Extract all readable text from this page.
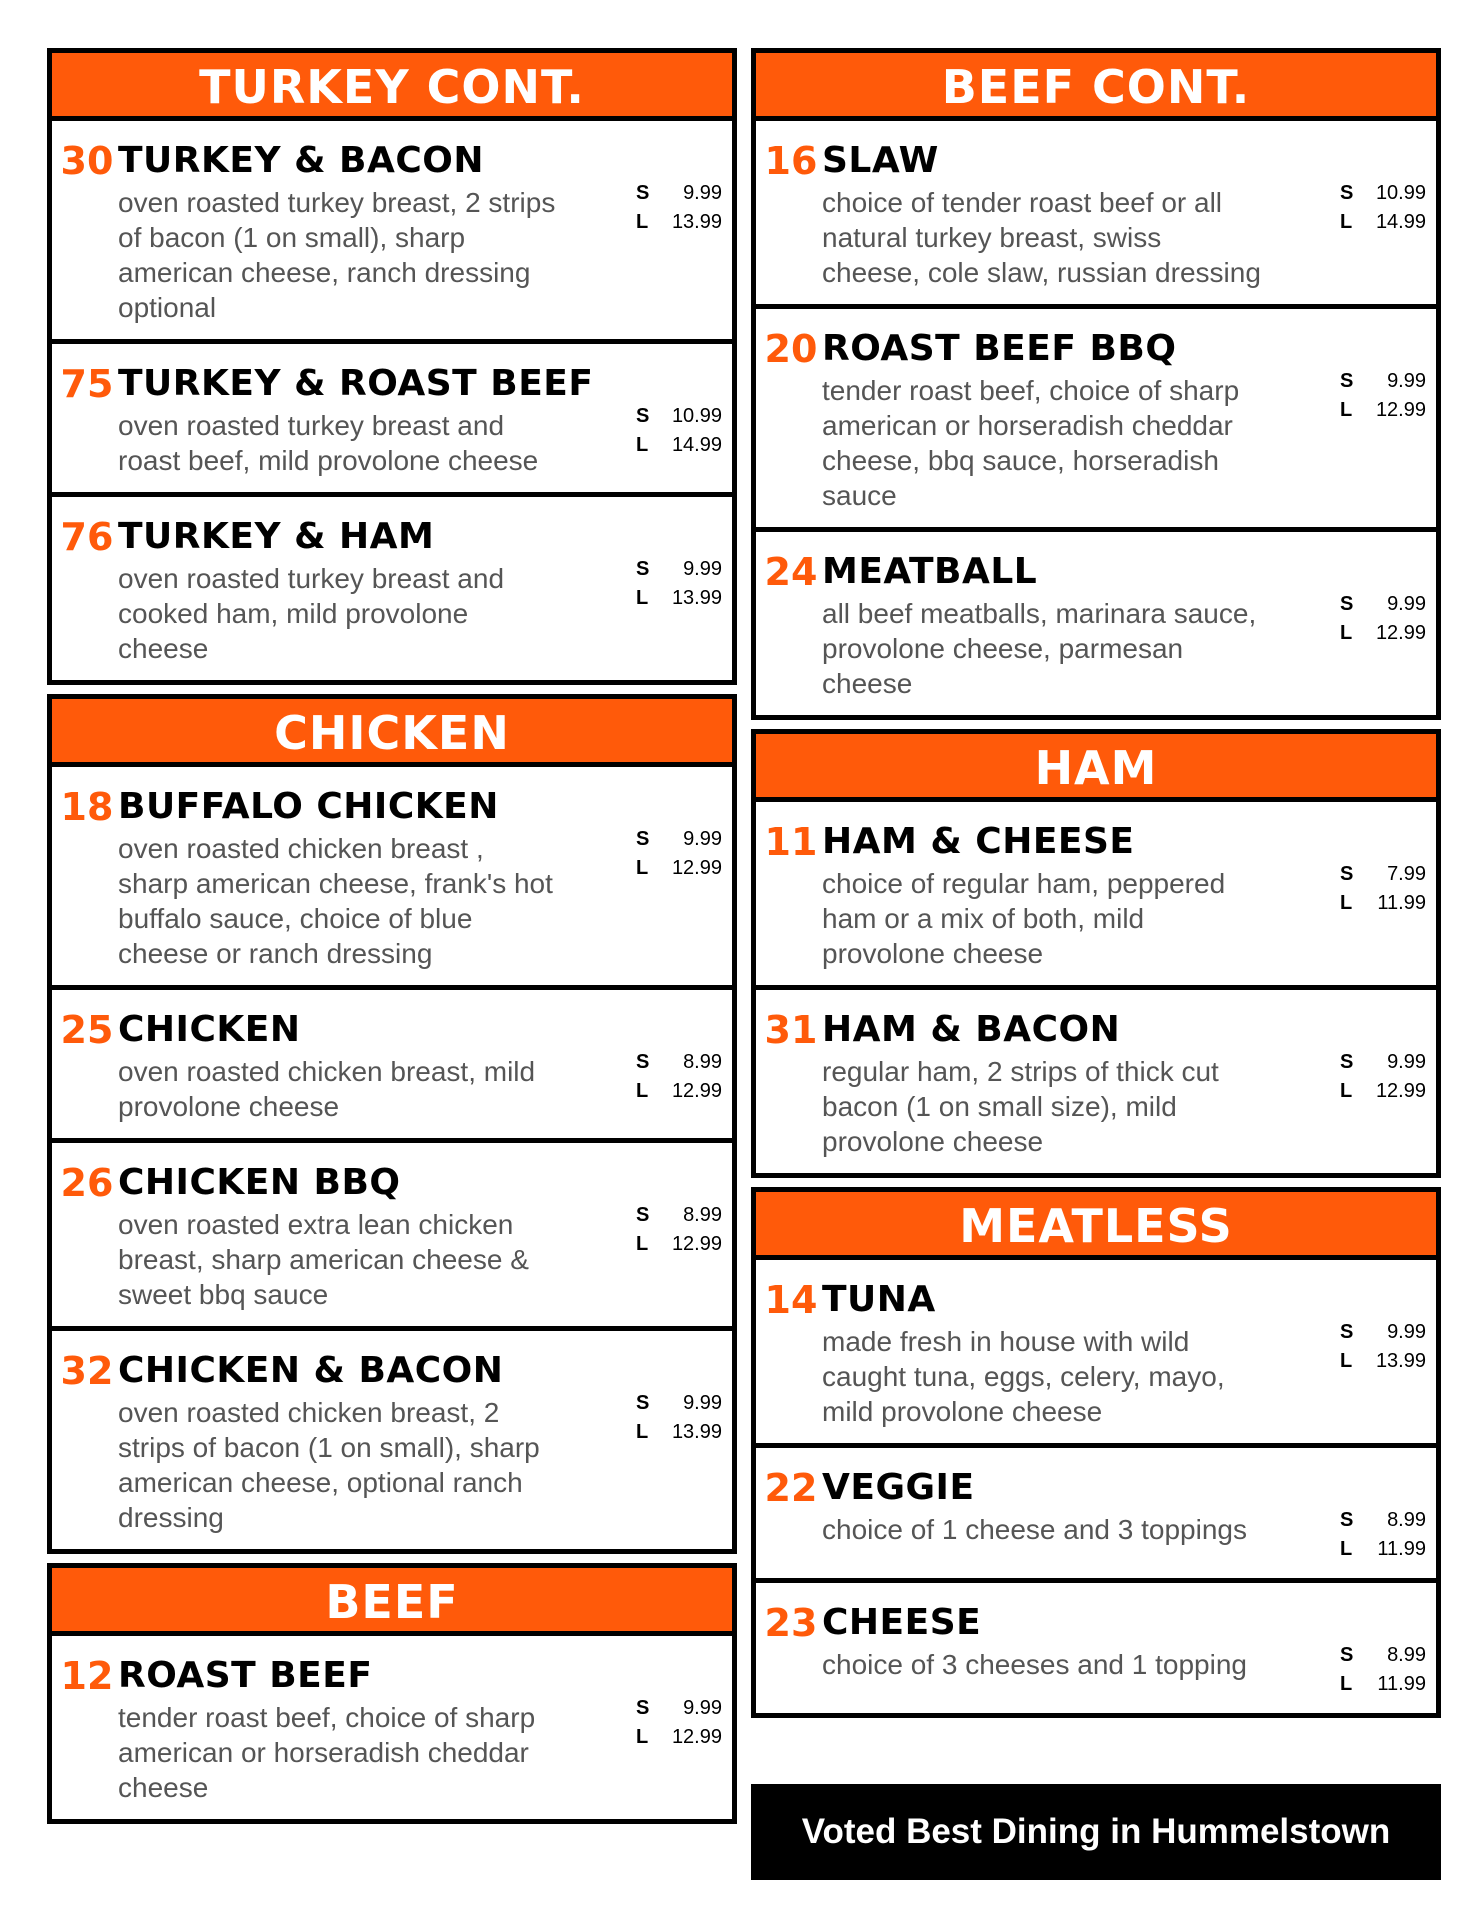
TURKEY CONT.
30 TURKEY & BACON
oven roasted turkey breast, 2 strips of bacon (1 on small), sharp american cheese, ranch dressing optional
S 9.99
L 13.99
75 TURKEY & ROAST BEEF
oven roasted turkey breast and roast beef, mild provolone cheese
S 10.99
L 14.99
76 TURKEY & HAM
oven roasted turkey breast and cooked ham, mild provolone cheese
S 9.99
L 13.99
CHICKEN
18 BUFFALO CHICKEN
oven roasted chicken breast , sharp american cheese, frank's hot buffalo sauce, choice of blue cheese or ranch dressing
S 9.99
L 12.99
25 CHICKEN
oven roasted chicken breast, mild provolone cheese
S 8.99
L 12.99
26 CHICKEN BBQ
oven roasted extra lean chicken breast, sharp american cheese & sweet bbq sauce
S 8.99
L 12.99
32 CHICKEN & BACON
oven roasted chicken breast, 2 strips of bacon (1 on small), sharp american cheese, optional ranch dressing
S 9.99
L 13.99
BEEF
12 ROAST BEEF
tender roast beef, choice of sharp american or horseradish cheddar cheese
S 9.99
L 12.99
BEEF CONT.
16 SLAW
choice of tender roast beef or all natural turkey breast, swiss cheese, cole slaw, russian dressing
S 10.99
L 14.99
20 ROAST BEEF BBQ
tender roast beef, choice of sharp american or horseradish cheddar cheese, bbq sauce, horseradish sauce
S 9.99
L 12.99
24 MEATBALL
all beef meatballs, marinara sauce, provolone cheese, parmesan cheese
S 9.99
L 12.99
HAM
11 HAM & CHEESE
choice of regular ham, peppered ham or a mix of both, mild provolone cheese
S 7.99
L 11.99
31 HAM & BACON
regular ham, 2 strips of thick cut bacon (1 on small size), mild provolone cheese
S 9.99
L 12.99
MEATLESS
14 TUNA
made fresh in house with wild caught tuna, eggs, celery, mayo, mild provolone cheese
S 9.99
L 13.99
22 VEGGIE
choice of 1 cheese and 3 toppings	S 8.99
L 11.99
23 CHEESE
choice of 3 cheeses and 1 topping	S 8.99
L 11.99
Voted Best Dining in Hummelstown
